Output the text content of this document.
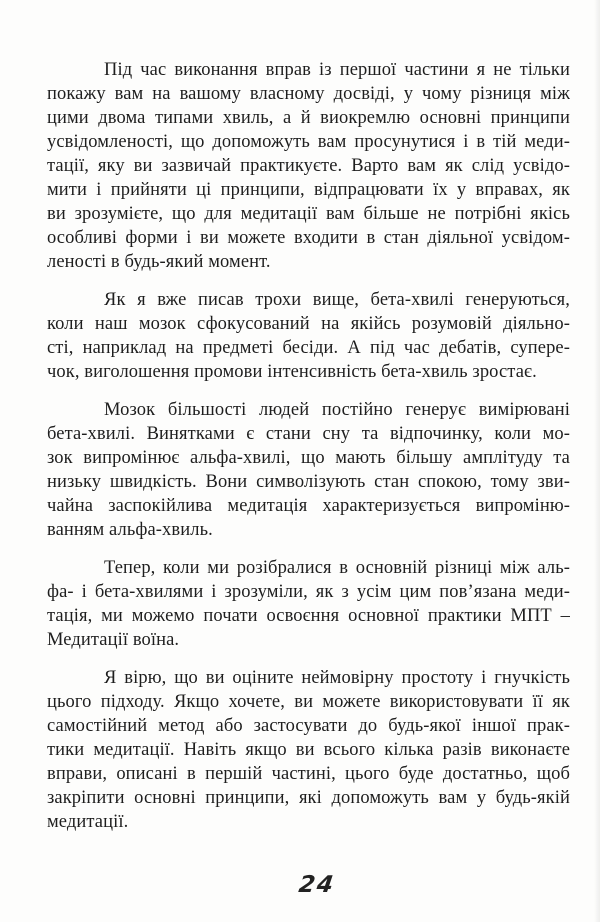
Під час виконання вправ із першої частини я не тільки
покажу вам на вашому власному досвіді, у чому різниця між
цими двома типами хвиль, а й виокремлю основні принципи
усвідомленості, що допоможуть вам просунутися і в тій меди-
тації, яку ви зазвичай практикуєте. Варто вам як слід усвідо-
мити і прийняти ці принципи, відпрацювати їх у вправах, як
ви зрозумієте, що для медитації вам більше не потрібні якісь
особливі форми і ви можете входити в стан діяльної усвідом-
леності в будь-який момент.

Як я вже писав трохи вище, бета-хвилі генеруються,
коли наш мозок сфокусований на якійсь розумовій діяльно-
сті, наприклад на предметі бесіди. А під час дебатів, супере-
чок, виголошення промови інтенсивність бета-хвиль зростає.

Мозок більшості людей постійно генерує вимірювані
бета-хвилі. Винятками є стани сну та відпочинку, коли мо-
зок випромінює альфа-хвилі, що мають більшу амплітуду та
низьку швидкість. Вони символізують стан спокою, тому зви-
чайна заспокійлива медитація характеризується випроміню-
ванням альфа-хвиль.

Тепер, коли ми розібралися в основній різниці між аль-
фа- і бета-хвилями і зрозуміли, як з усім цим пов’язана меди-
тація, ми можемо почати освоєння основної практики МПТ –
Медитації воїна.

Я вірю, що ви оціните неймовірну простоту і гнучкість
цього підходу. Якщо хочете, ви можете використовувати її як
самостійний метод або застосувати до будь-якої іншої прак-
тики медитації. Навіть якщо ви всього кілька разів виконаєте
вправи, описані в першій частині, цього буде достатньо, щоб
закріпити основні принципи, які допоможуть вам у будь-якій
медитації.

24
